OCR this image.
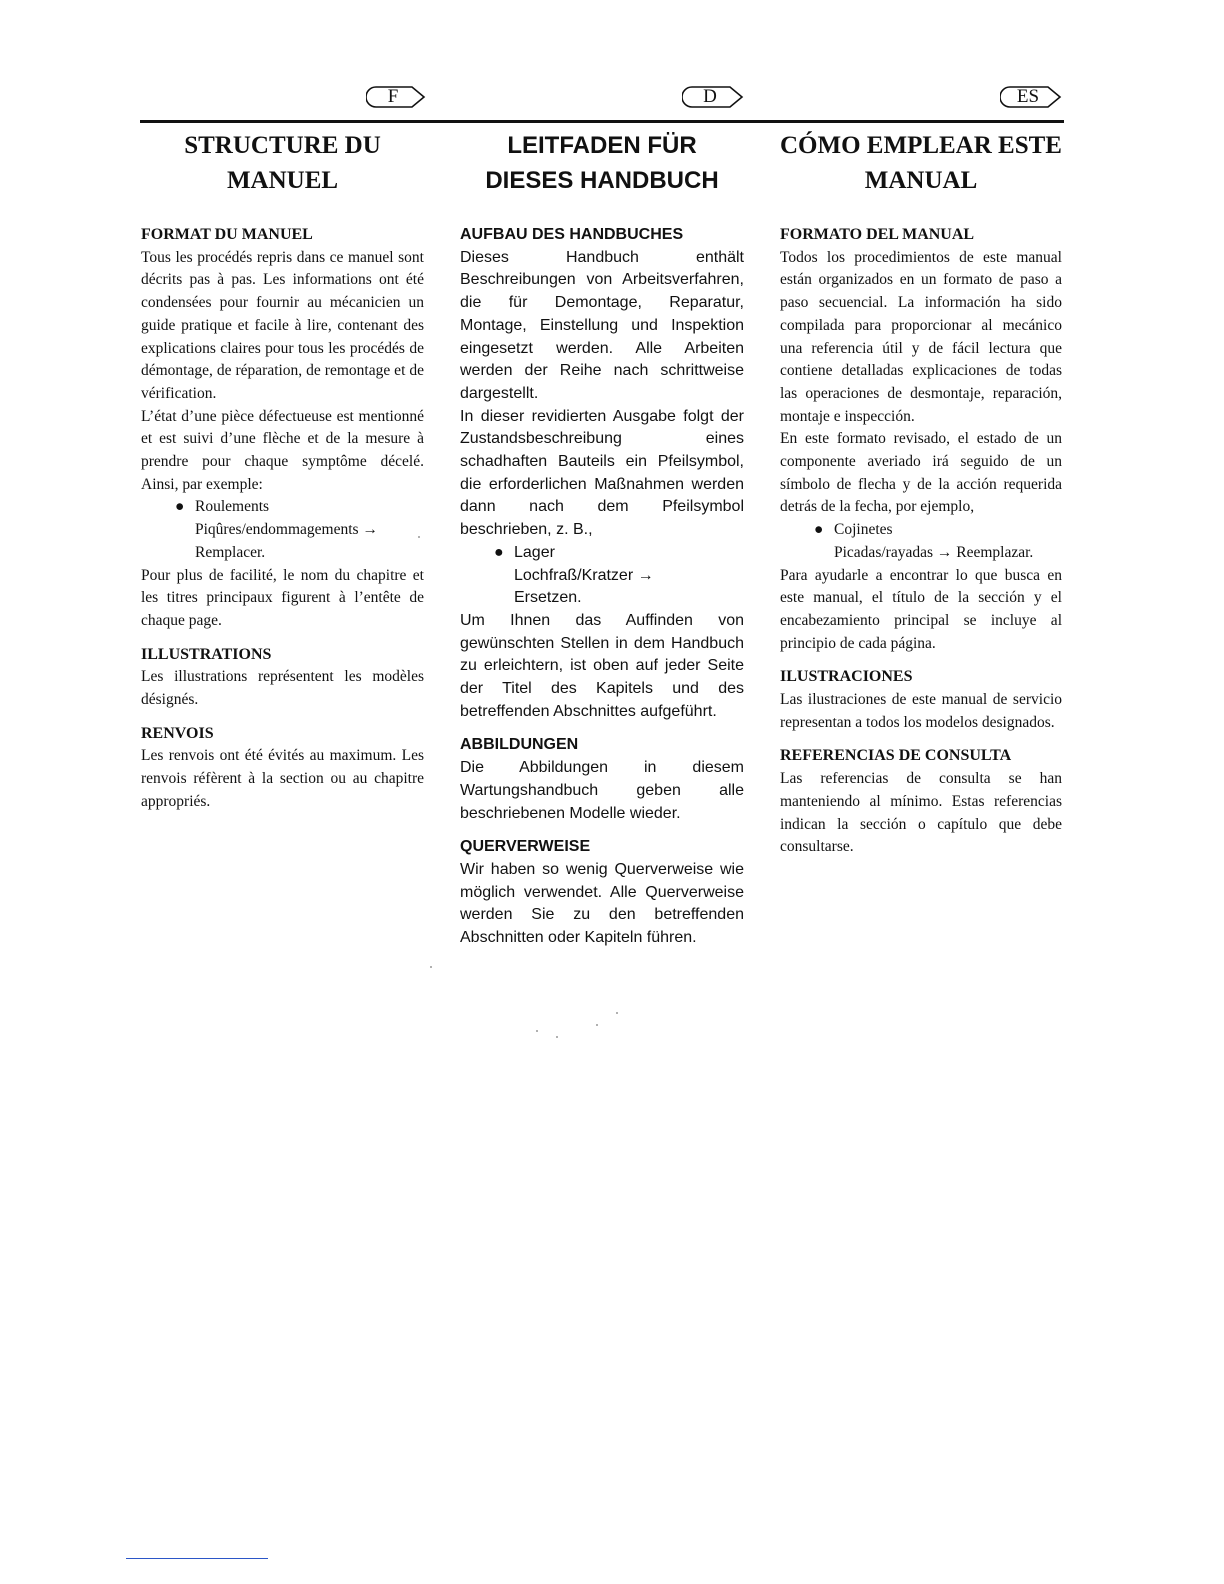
F	D	ES
STRUCTURE DU
MANUEL

FORMAT DU MANUEL

Tous les procédés repris dans ce manuel sont décrits pas à pas. Les informations ont été condensées pour fournir au mécanicien un guide pratique et facile à lire, contenant des explications claires pour tous les procédés de démontage, de réparation, de remontage et de vérification.

L’état d’une pièce défectueuse est mentionné et est suivi d’une flèche et de la mesure à prendre pour chaque symptôme décelé. Ainsi, par exemple:

● Roulements

Piqûres/endommagements →

Remplacer.

Pour plus de facilité, le nom du chapitre et les titres principaux figurent à l’entête de chaque page.

ILLUSTRATIONS

Les illustrations représentent les modèles désignés.

RENVOIS

Les renvois ont été évités au maximum. Les renvois réfèrent à la section ou au chapitre appropriés.

LEITFADEN FÜR
DIESES HANDBUCH

AUFBAU DES HANDBUCHES

Dieses Handbuch enthält Beschreibungen von Arbeitsverfahren, die für Demontage, Reparatur, Montage, Einstellung und Inspektion eingesetzt werden. Alle Arbeiten werden der Reihe nach schrittweise dargestellt.

In dieser revidierten Ausgabe folgt der Zustandsbeschreibung eines schadhaften Bauteils ein Pfeilsymbol, die erforderlichen Maßnahmen werden dann nach dem Pfeilsymbol beschrieben, z. B.,

● Lager

Lochfraß/Kratzer →

Ersetzen.

Um Ihnen das Auffinden von gewünschten Stellen in dem Handbuch zu erleichtern, ist oben auf jeder Seite der Titel des Kapitels und des betreffenden Abschnittes aufgeführt.

ABBILDUNGEN

Die Abbildungen in diesem Wartungshandbuch geben alle beschriebenen Modelle wieder.

QUERVERWEISE

Wir haben so wenig Querverweise wie möglich verwendet. Alle Querverweise werden Sie zu den betreffenden Abschnitten oder Kapiteln führen.

CÓMO EMPLEAR ESTE
MANUAL

FORMATO DEL MANUAL

Todos los procedimientos de este manual están organizados en un formato de paso a paso secuencial. La información ha sido compilada para proporcionar al mecánico una referencia útil y de fácil lectura que contiene detalladas explicaciones de todas las operaciones de desmontaje, reparación, montaje e inspección.

En este formato revisado, el estado de un componente averiado irá seguido de un símbolo de flecha y de la acción requerida detrás de la fecha, por ejemplo,

● Cojinetes

Picadas/rayadas → Reemplazar.

Para ayudarle a encontrar lo que busca en este manual, el título de la sección y el encabezamiento principal se incluye al principio de cada página.

ILUSTRACIONES

Las ilustraciones de este manual de servicio representan a todos los modelos designados.

REFERENCIAS DE CONSULTA

Las referencias de consulta se han manteniendo al mínimo. Estas referencias indican la sección o capítulo que debe consultarse.
